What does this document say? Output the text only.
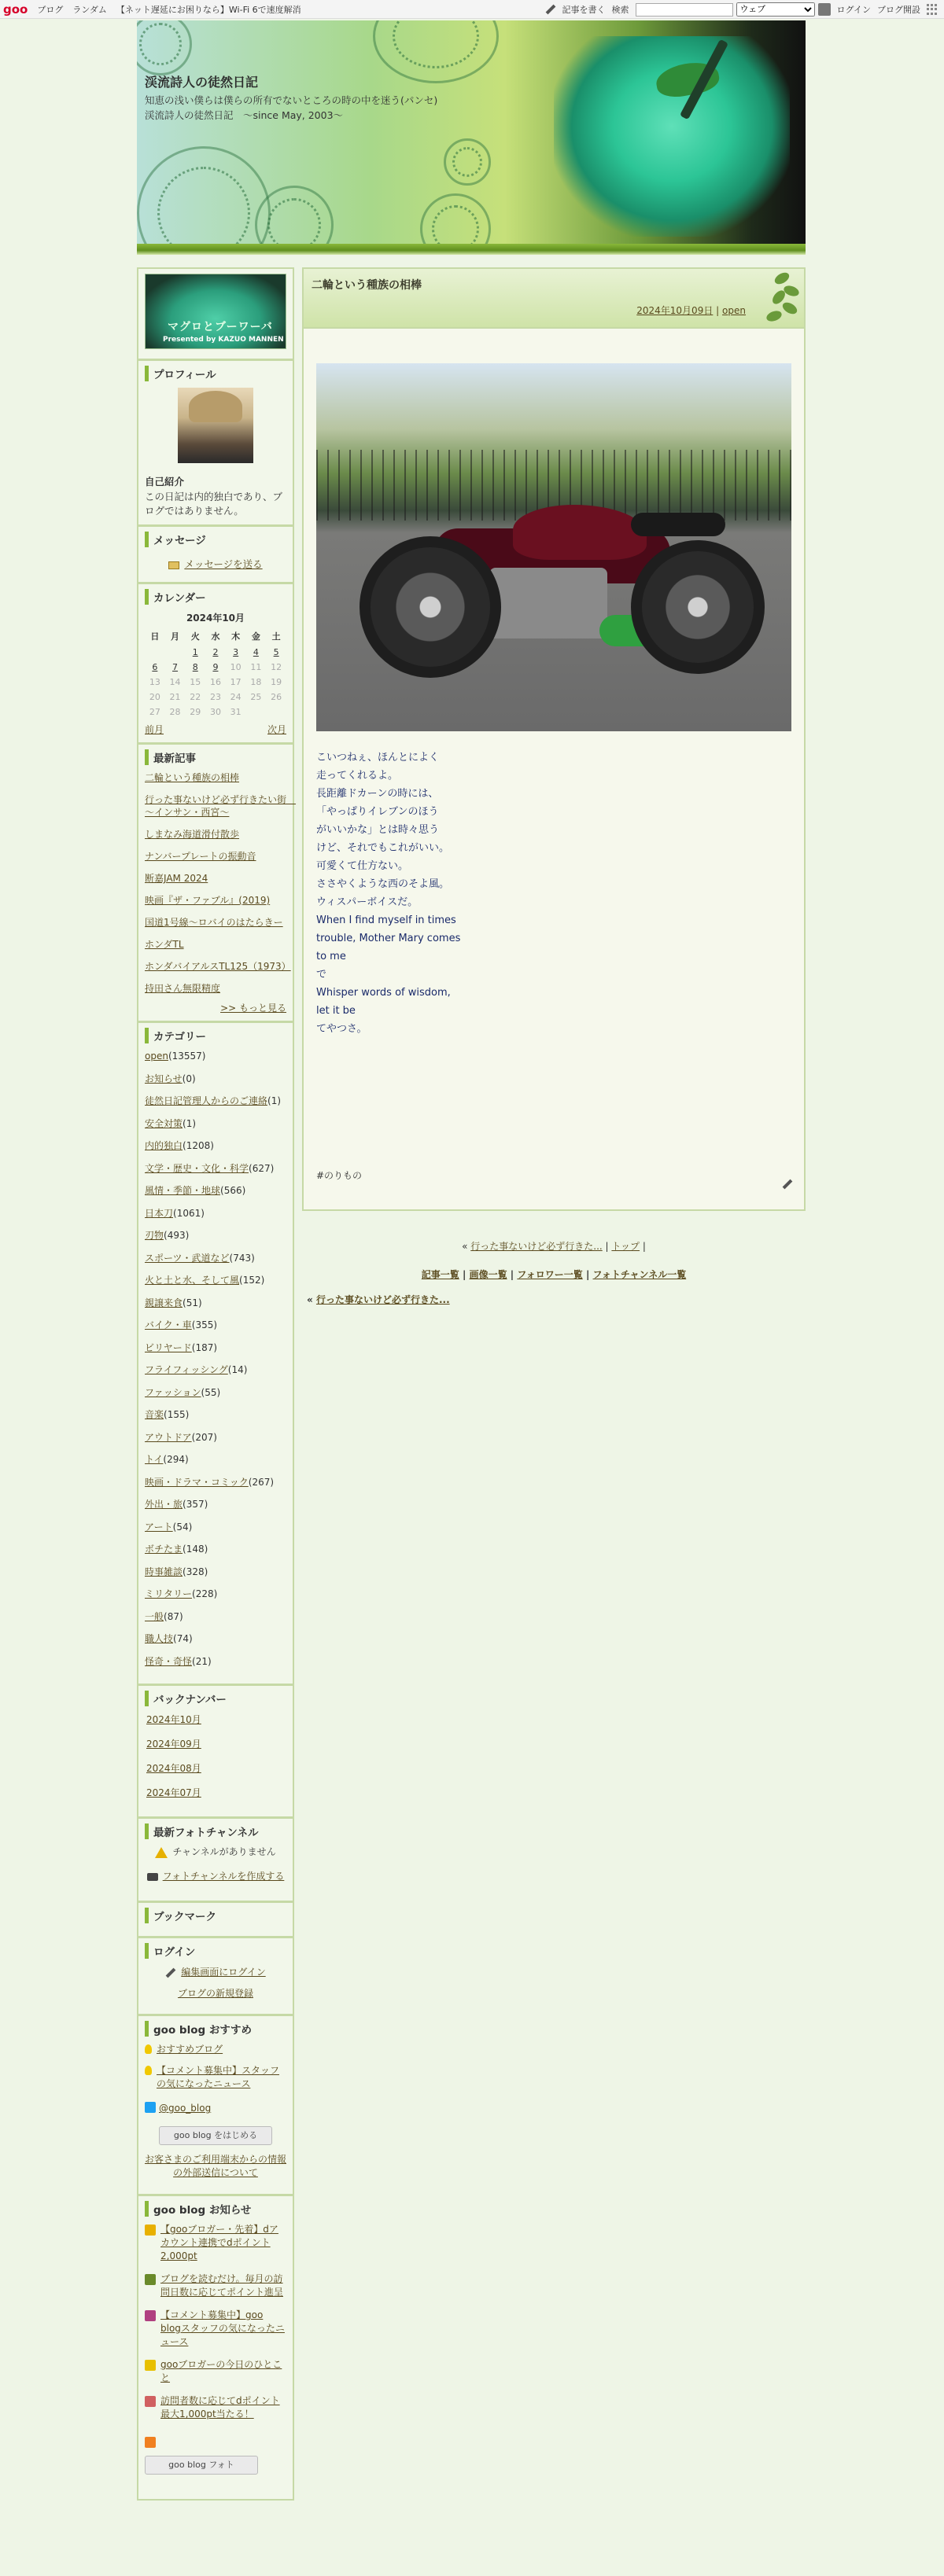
goo ブログ ランダム 【ネット遅延にお困りなら】Wi-Fi 6で速度解消	記事を書く 検索
ウェブ	ログイン ブログ開設
渓流詩人の徒然日記
知恵の浅い僕らは僕らの所有でないところの時の中を迷う(パンセ)　渓流詩人の徒然日記　～since May, 2003～
マグロとブーワーバ
Presented by KAZUO MANNEN
プロフィール
自己紹介
この日記は内的独白であり、ブログではありません。
メッセージ
メッセージを送る
カレンダー
2024年10月
日	月	火	水	木	金	土
		1	2	3	4	5
6	7	8	9	10	11	12
13	14	15	16	17	18	19
20	21	22	23	24	25	26
27	28	29	30	31		
前月	次月
最新記事
二輪という種族の相棒
行った事ないけど必ず行きたい街　～インサン・西宮～
しまなみ海道滑付散歩
ナンバープレートの振動音
断嘉JAM 2024
映画『ザ・ファブル』(2019)
国道1号線～ロバイのはたらきー
ホンダTL
ホンダバイアルスTL125（1973）
持田さん無限精度
>> もっと見る
カテゴリー
open(13557)
お知らせ(0)
徒然日記管理人からのご連絡(1)
安全対策(1)
内的独白(1208)
文学・歴史・文化・科学(627)
風情・季節・地球(566)
日本刀(1061)
刃物(493)
スポーツ・武道など(743)
火と土と水、そして風(152)
親譲来食(51)
バイク・車(355)
ビリヤード(187)
フライフィッシング(14)
ファッション(55)
音楽(155)
アウトドア(207)
トイ(294)
映画・ドラマ・コミック(267)
外出・旅(357)
アート(54)
ボチたま(148)
時事雑談(328)
ミリタリー(228)
一般(87)
職人技(74)
怪奇・奇怪(21)
バックナンバー
2024年10月
2024年09月
2024年08月
2024年07月
最新フォトチャンネル
チャンネルがありません
フォトチャンネルを作成する
ブックマーク
ログイン
編集画面にログイン
ブログの新規登録
goo blog おすすめ
おすすめブログ
【コメント募集中】スタッフの気になったニュース
@goo_blog
goo blog をはじめる
お客さまのご利用端末からの情報の外部送信について
goo blog お知らせ
【gooブロガー・先着】dアカウント連携でdポイント2,000pt
ブログを読むだけ。毎月の訪問日数に応じてポイント進呈
【コメント募集中】goo blogスタッフの気になったニュース
gooブロガーの今日のひとこと
訪問者数に応じてdポイント最大1,000pt当たる！
goo blog フォト
二輪という種族の相棒
2024年10月09日 | open
こいつねぇ、ほんとによく
走ってくれるよ。
長距離ドカーンの時には、
「やっぱりイレブンのほう
がいいかな」とは時々思う
けど、それでもこれがいい。
可愛くて仕方ない。
ささやくような西のそよ風。
ウィスパーボイスだ。
When I find myself in times
trouble, Mother Mary comes
to me
で
Whisper words of wisdom,
let it be
てやつさ。
#のりもの
« 行った事ないけど必ず行きた... | トップ |
記事一覧 | 画像一覧 | フォロワー一覧 | フォトチャンネル一覧
« 行った事ないけど必ず行きた...
